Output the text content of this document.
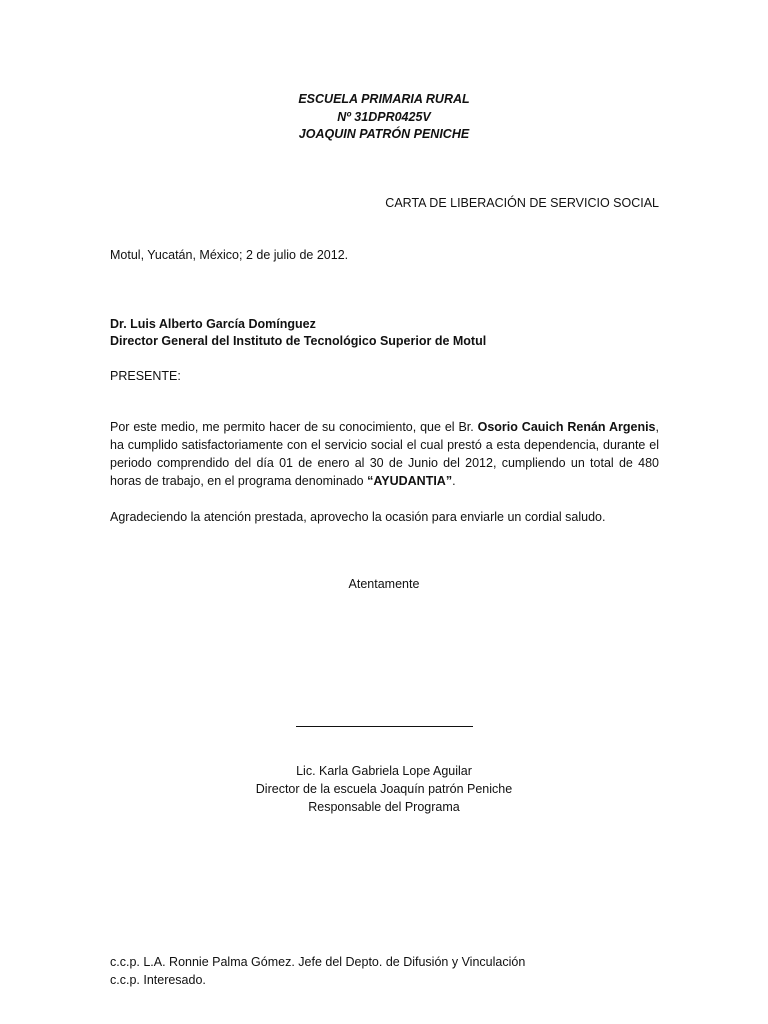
ESCUELA PRIMARIA RURAL
Nº 31DPR0425V
JOAQUIN PATRÓN PENICHE
CARTA DE LIBERACIÓN DE SERVICIO SOCIAL
Motul, Yucatán, México; 2 de julio de 2012.
Dr. Luis Alberto García Domínguez
Director General del Instituto de Tecnológico Superior de Motul
PRESENTE:
Por este medio, me permito hacer de su conocimiento, que el Br. Osorio Cauich Renán Argenis, ha cumplido satisfactoriamente con el servicio social el cual prestó a esta dependencia, durante el periodo comprendido del día 01 de enero al 30 de Junio del 2012, cumpliendo un total de 480 horas de trabajo, en el programa denominado “AYUDANTIA”.
Agradeciendo la atención prestada, aprovecho la ocasión para enviarle un cordial saludo.
Atentamente
Lic. Karla Gabriela Lope Aguilar
Director de la escuela Joaquín patrón Peniche
Responsable del Programa
c.c.p. L.A. Ronnie Palma Gómez. Jefe del Depto. de Difusión y Vinculación
c.c.p. Interesado.
